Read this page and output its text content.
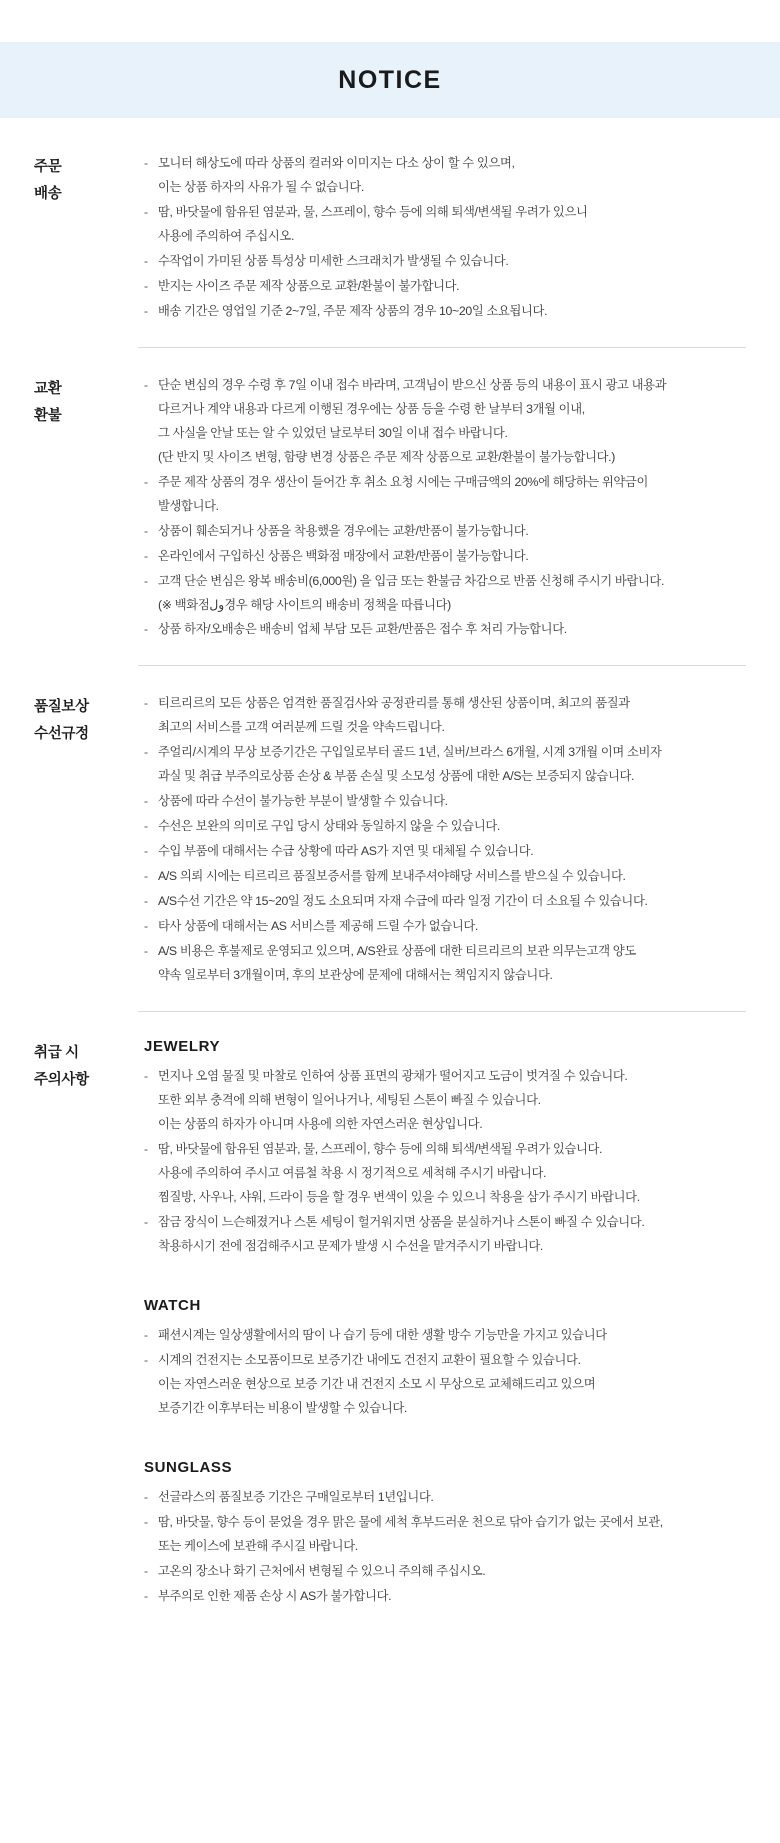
NOTICE
주문
배송
- 모니터 해상도에 따라 상품의 컬러와 이미지는 다소 상이 할 수 있으며,
이는 상품 하자의 사유가 될 수 없습니다.
- 땀, 바닷물에 함유된 염분과, 물, 스프레이, 향수 등에 의해 퇴색/변색될 우려가 있으니
사용에 주의하여 주십시오.
- 수작업이 가미된 상품 특성상 미세한 스크래치가 발생될 수 있습니다.
- 반지는 사이즈 주문 제작 상품으로 교환/환불이 불가합니다.
- 배송 기간은 영업일 기준 2~7일, 주문 제작 상품의 경우 10~20일 소요됩니다.
교환
환불
- 단순 변심의 경우 수령 후 7일 이내 접수 바라며, 고객님이 받으신 상품 등의 내용이 표시 광고 내용과
다르거나 계약 내용과 다르게 이행된 경우에는 상품 등을 수령 한 날부터 3개월 이내,
그 사실을 안날 또는 알 수 있었던 날로부터 30일 이내 접수 바랍니다.
(단 반지 및 사이즈 변형, 함량 변경 상품은 주문 제작 상품으로 교환/환불이 불가능합니다.)
- 주문 제작 상품의 경우 생산이 들어간 후 취소 요청 시에는 구매금액의 20%에 해당하는 위약금이
발생합니다.
- 상품이 훼손되거나 상품을 착용했을 경우에는 교환/반품이 불가능합니다.
- 온라인에서 구입하신 상품은 백화점 매장에서 교환/반품이 불가능합니다.
- 고객 단순 변심은 왕복 배송비(6,000원) 을 입금 또는 환불금 차감으로 반품 신청해 주시기 바랍니다.
(※ 백화점ول경우 해당 사이트의 배송비 정책을 따릅니다)
- 상품 하자/오배송은 배송비 업체 부담 모든 교환/반품은 접수 후 처리 가능합니다.
품질보상
수선규정
- 티르리르의 모든 상품은 엄격한 품질검사와 공정관리를 통해 생산된 상품이며, 최고의 품질과
최고의 서비스를 고객 여러분께 드릴 것을 약속드립니다.
- 주얼리/시계의 무상 보증기간은 구입일로부터 골드 1년, 실버/브라스 6개월, 시계 3개월 이며 소비자
과실 및 취급 부주의로상품 손상 & 부품 손실 및 소모성 상품에 대한 A/S는 보증되지 않습니다.
- 상품에 따라 수선이 불가능한 부분이 발생할 수 있습니다.
- 수선은 보완의 의미로 구입 당시 상태와 동일하지 않을 수 있습니다.
- 수입 부품에 대해서는 수급 상황에 따라 AS가 지연 및 대체될 수 있습니다.
- A/S 의뢰 시에는 티르리르 품질보증서를 함께 보내주셔야해당 서비스를 받으실 수 있습니다.
- A/S수선 기간은 약 15~20일 정도 소요되며 자재 수급에 따라 일정 기간이 더 소요될 수 있습니다.
- 타사 상품에 대해서는 AS 서비스를 제공해 드릴 수가 없습니다.
- A/S 비용은 후불제로 운영되고 있으며, A/S완료 상품에 대한 티르리르의 보관 의무는고객 양도
약속 일로부터 3개월이며, 후의 보관상에 문제에 대해서는 책임지지 않습니다.
취급 시
주의사항
JEWELRY
- 먼지나 오염 물질 및 마찰로 인하여 상품 표면의 광채가 떨어지고 도금이 벗겨질 수 있습니다.
또한 외부 충격에 의해 변형이 일어나거나, 세팅된 스톤이 빠질 수 있습니다.
이는 상품의 하자가 아니며 사용에 의한 자연스러운 현상입니다.
- 땀, 바닷물에 함유된 염분과, 물, 스프레이, 향수 등에 의해 퇴색/변색될 우려가 있습니다.
사용에 주의하여 주시고 여름철 착용 시 정기적으로 세척해 주시기 바랍니다.
찜질방, 사우나, 샤워, 드라이 등을 할 경우 변색이 있을 수 있으니 착용을 삼가 주시기 바랍니다.
- 잠금 장식이 느슨해졌거나 스톤 세팅이 헐거워지면 상품을 분실하거나 스톤이 빠질 수 있습니다.
착용하시기 전에 점검해주시고 문제가 발생 시 수선을 맡겨주시기 바랍니다.
WATCH
- 패션시계는 일상생활에서의 땀이 나 습기 등에 대한 생활 방수 기능만을 가지고 있습니다
- 시계의 건전지는 소모품이므로 보증기간 내에도 건전지 교환이 필요할 수 있습니다.
이는 자연스러운 현상으로 보증 기간 내 건전지 소모 시 무상으로 교체해드리고 있으며
보증기간 이후부터는 비용이 발생할 수 있습니다.
SUNGLASS
- 선글라스의 품질보증 기간은 구매일로부터 1년입니다.
- 땀, 바닷물, 향수 등이 묻었을 경우 맑은 물에 세척 후부드러운 천으로 닦아 습기가 없는 곳에서 보관,
또는 케이스에 보관해 주시길 바랍니다.
- 고온의 장소나 화기 근처에서 변형될 수 있으니 주의해 주십시오.
- 부주의로 인한 제품 손상 시 AS가 불가합니다.
